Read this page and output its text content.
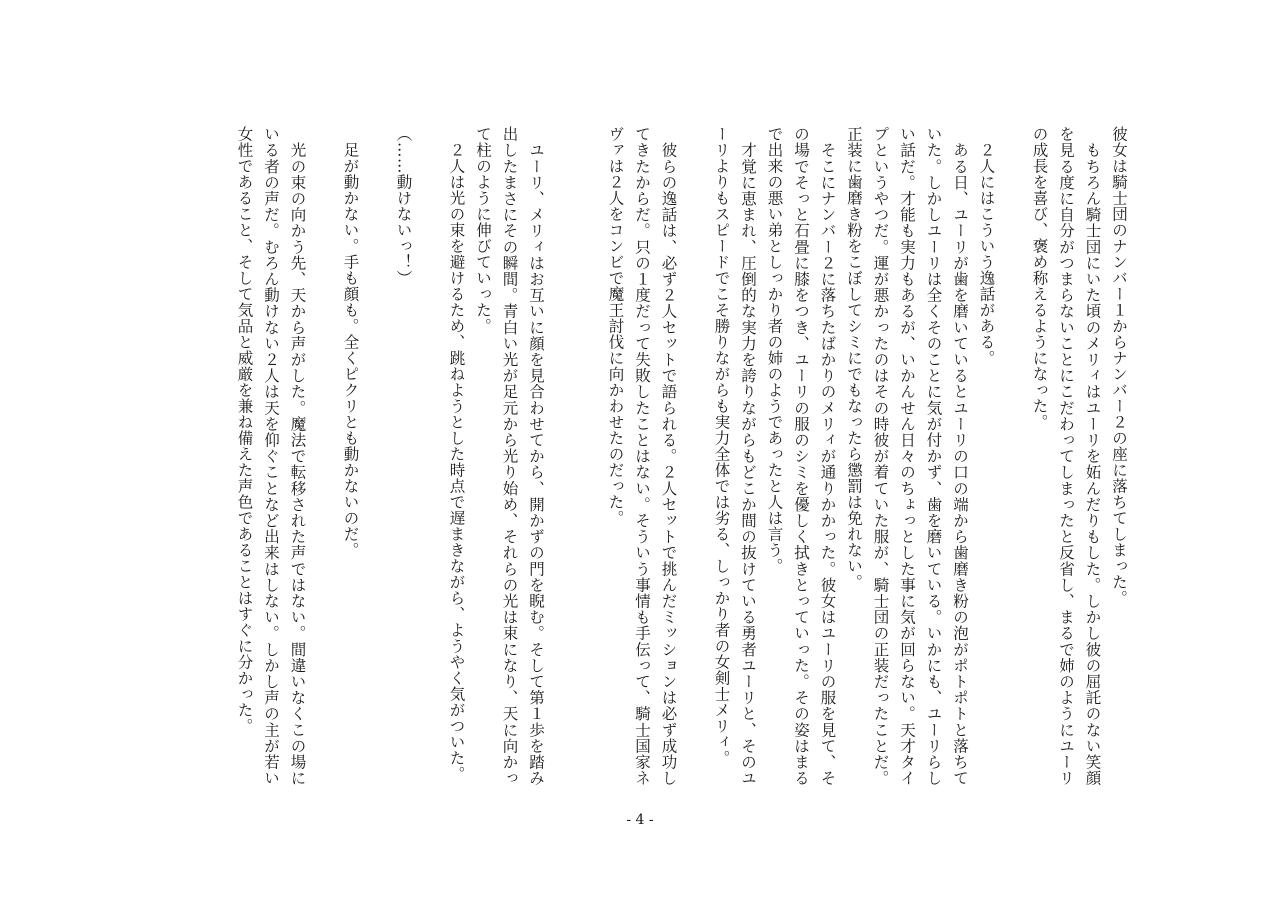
彼女は騎士団のナンバー１からナンバー２の座に落ちてしまった。

　もちろん騎士団にいた頃のメリィはユーリを妬んだりもした。しかし彼の屈託のない笑顔を見る度に自分がつまらないことにこだわってしまったと反省し、まるで姉のようにユーリの成長を喜び、褒め称えるようになった。

　２人にはこういう逸話がある。

　ある日、ユーリが歯を磨いているとユーリの口の端から歯磨き粉の泡がポトポトと落ちていた。しかしユーリは全くそのことに気が付かず、歯を磨いている。いかにも、ユーリらしい話だ。才能も実力もあるが、いかんせん日々のちょっとした事に気が回らない。天才タイプというやつだ。運が悪かったのはその時彼が着ていた服が、騎士団の正装だったことだ。正装に歯磨き粉をこぼしてシミにでもなったら懲罰は免れない。

　そこにナンバー２に落ちたばかりのメリィが通りかかった。彼女はユーリの服を見て、その場でそっと石畳に膝をつき、ユーリの服のシミを優しく拭きとっていった。その姿はまるで出来の悪い弟としっかり者の姉のようであったと人は言う。

　才覚に恵まれ、圧倒的な実力を誇りながらもどこか間の抜けている勇者ユーリと、そのユーリよりもスピードでこそ勝りながらも実力全体では劣る、しっかり者の女剣士メリィ。

　彼らの逸話は、必ず２人セットで語られる。２人セットで挑んだミッションは必ず成功してきたからだ。只の１度だって失敗したことはない。そういう事情も手伝って、騎士国家ネヴァは２人をコンビで魔王討伐に向かわせたのだった。

　ユーリ、メリィはお互いに顔を見合わせてから、開かずの門を睨む。そして第１歩を踏み出したまさにその瞬間。青白い光が足元から光り始め、それらの光は束になり、天に向かって柱のように伸びていった。

　２人は光の束を避けるため、跳ねようとした時点で遅まきながら、ようやく気がついた。

（……動けないっ！）

　足が動かない。手も顔も。全くピクリとも動かないのだ。

　光の束の向かう先、天から声がした。魔法で転移された声ではない。間違いなくこの場にいる者の声だ。むろん動けない２人は天を仰ぐことなど出来はしない。しかし声の主が若い女性であること、そして気品と威厳を兼ね備えた声色であることはすぐに分かった。

- 4 -
